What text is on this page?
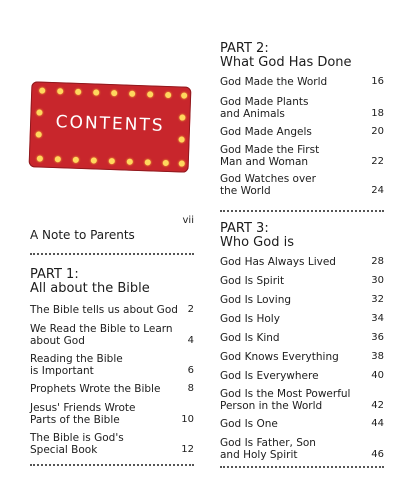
CONTENTS
A Note to Parents
vii
PART 1:
All about the Bible
The Bible tells us about God 2
We Read the Bible to Learn
about God	4
Reading the Bible
is Important	6
Prophets Wrote the Bible	8
Jesus' Friends Wrote
Parts of the Bible	10
The Bible is God's
Special Book	12
PART 2:
What God Has Done
God Made the World	16
God Made Plants
and Animals	18
God Made Angels	20
God Made the First
Man and Woman	22
God Watches over
the World	24
PART 3:
Who God is
God Has Always Lived	28
God Is Spirit	30
God Is Loving	32
God Is Holy	34
God Is Kind	36
God Knows Everything	38
God Is Everywhere	40
God Is the Most Powerful
Person in the World	42
God Is One	44
God Is Father, Son
and Holy Spirit	46
